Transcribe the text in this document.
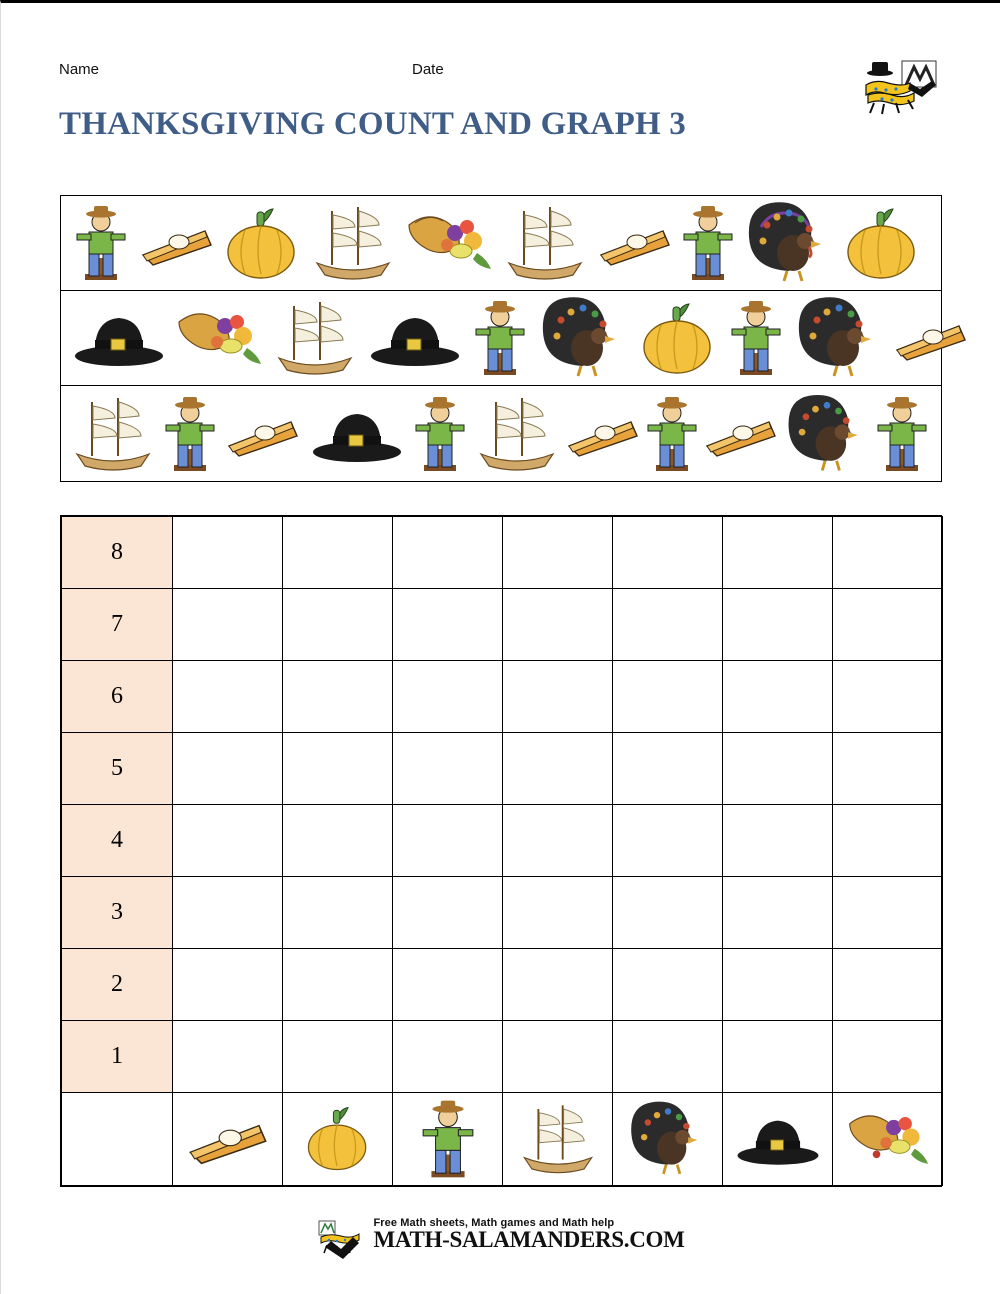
Name	Date
THANKSGIVING COUNT AND GRAPH 3
8							
7							
6							
5							
4							
3							
2							
1							

Free Math sheets, Math games and Math help
MATH-SALAMANDERS.COM
